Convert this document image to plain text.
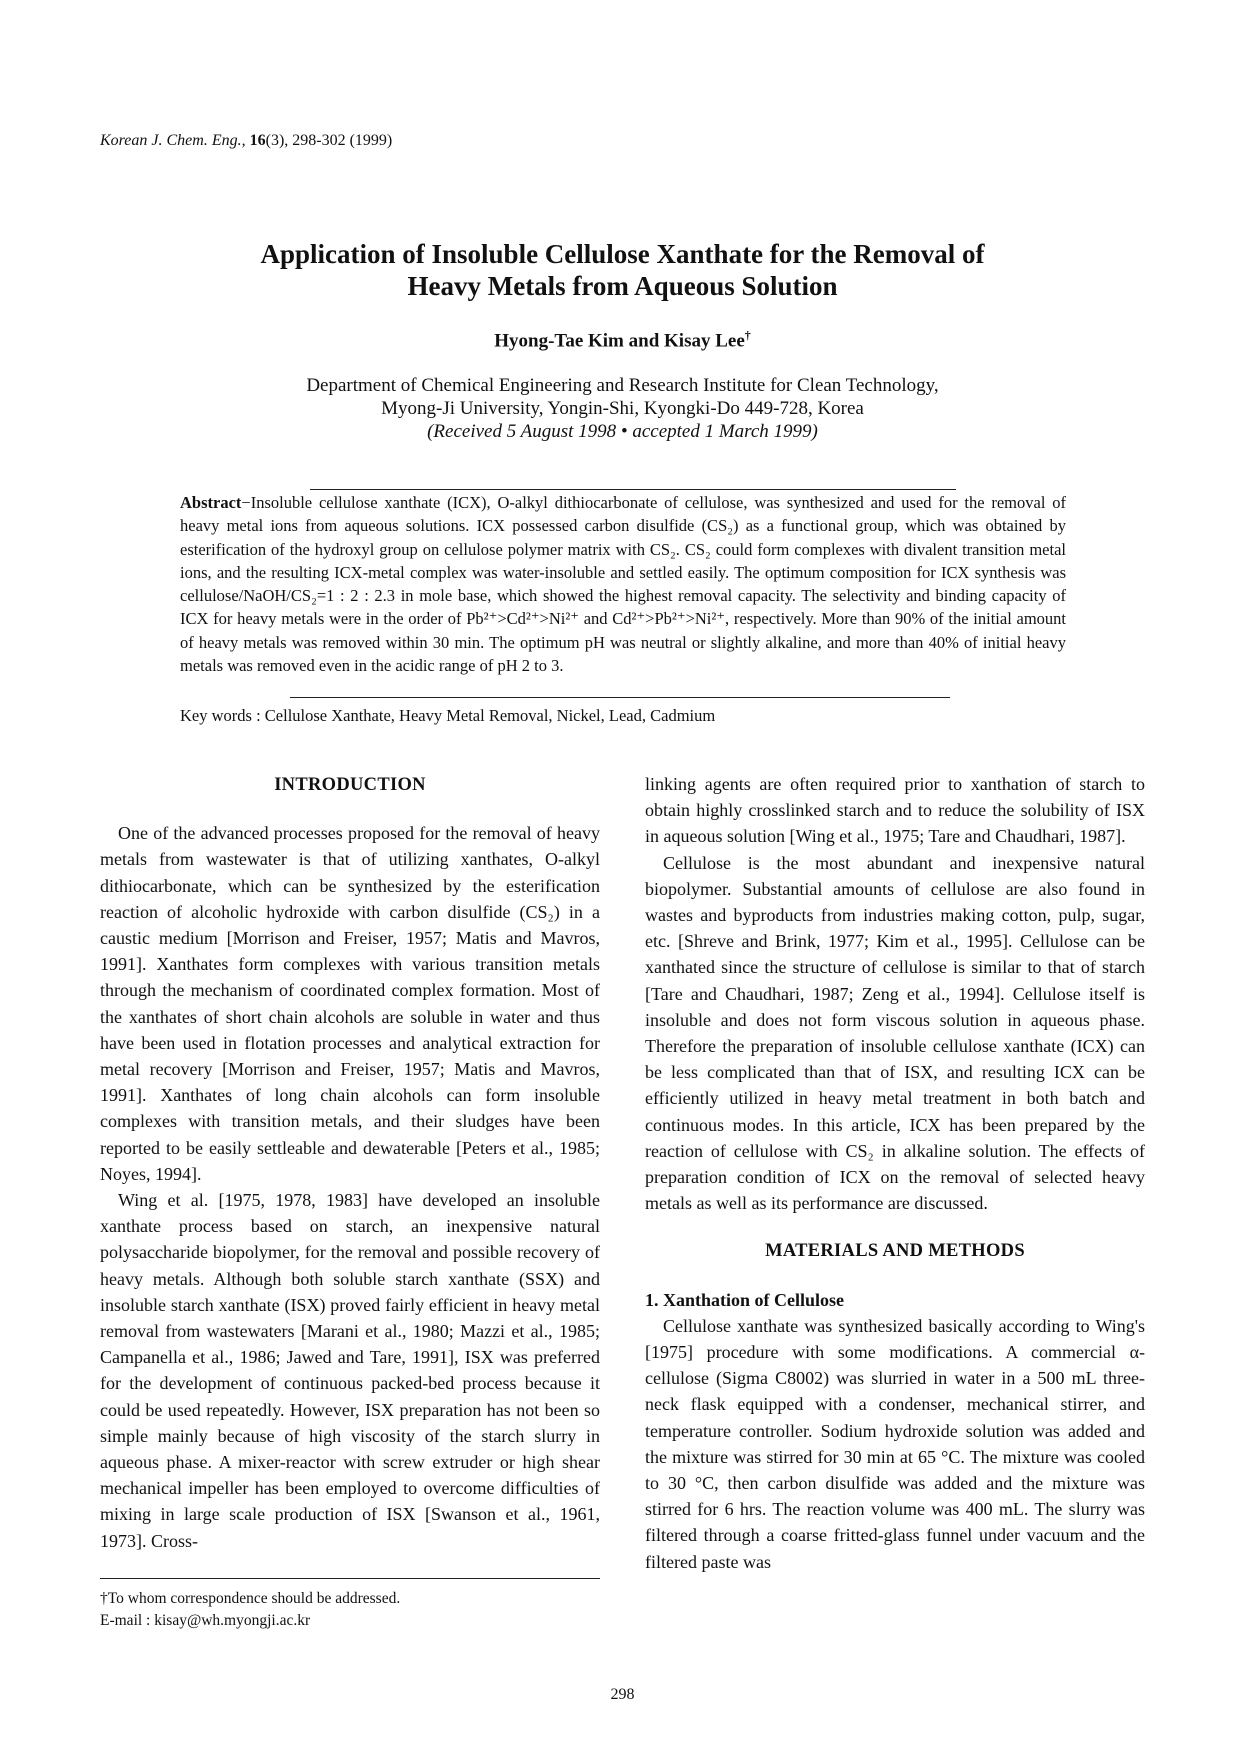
Korean J. Chem. Eng., 16(3), 298-302 (1999)
Application of Insoluble Cellulose Xanthate for the Removal of
Heavy Metals from Aqueous Solution
Hyong-Tae Kim and Kisay Lee†
Department of Chemical Engineering and Research Institute for Clean Technology,
Myong-Ji University, Yongin-Shi, Kyongki-Do 449-728, Korea
(Received 5 August 1998 • accepted 1 March 1999)
Abstract−Insoluble cellulose xanthate (ICX), O-alkyl dithiocarbonate of cellulose, was synthesized and used for the removal of heavy metal ions from aqueous solutions. ICX possessed carbon disulfide (CS₂) as a functional group, which was obtained by esterification of the hydroxyl group on cellulose polymer matrix with CS₂. CS₂ could form complexes with divalent transition metal ions, and the resulting ICX-metal complex was water-insoluble and settled easily. The optimum composition for ICX synthesis was cellulose/NaOH/CS₂=1 : 2 : 2.3 in mole base, which showed the highest removal capacity. The selectivity and binding capacity of ICX for heavy metals were in the order of Pb²⁺>Cd²⁺>Ni²⁺ and Cd²⁺>Pb²⁺>Ni²⁺, respectively. More than 90% of the initial amount of heavy metals was removed within 30 min. The optimum pH was neutral or slightly alkaline, and more than 40% of initial heavy metals was removed even in the acidic range of pH 2 to 3.
Key words : Cellulose Xanthate, Heavy Metal Removal, Nickel, Lead, Cadmium
INTRODUCTION

One of the advanced processes proposed for the removal of heavy metals from wastewater is that of utilizing xanthates, O-alkyl dithiocarbonate, which can be synthesized by the esterification reaction of alcoholic hydroxide with carbon disulfide (CS₂) in a caustic medium [Morrison and Freiser, 1957; Matis and Mavros, 1991]. Xanthates form complexes with various transition metals through the mechanism of coordinated complex formation. Most of the xanthates of short chain alcohols are soluble in water and thus have been used in flotation processes and analytical extraction for metal recovery [Morrison and Freiser, 1957; Matis and Mavros, 1991]. Xanthates of long chain alcohols can form insoluble complexes with transition metals, and their sludges have been reported to be easily settleable and dewaterable [Peters et al., 1985; Noyes, 1994].

Wing et al. [1975, 1978, 1983] have developed an insoluble xanthate process based on starch, an inexpensive natural polysaccharide biopolymer, for the removal and possible recovery of heavy metals. Although both soluble starch xanthate (SSX) and insoluble starch xanthate (ISX) proved fairly efficient in heavy metal removal from wastewaters [Marani et al., 1980; Mazzi et al., 1985; Campanella et al., 1986; Jawed and Tare, 1991], ISX was preferred for the development of continuous packed-bed process because it could be used repeatedly. However, ISX preparation has not been so simple mainly because of high viscosity of the starch slurry in aqueous phase. A mixer-reactor with screw extruder or high shear mechanical impeller has been employed to overcome difficulties of mixing in large scale production of ISX [Swanson et al., 1961, 1973]. Cross-

linking agents are often required prior to xanthation of starch to obtain highly crosslinked starch and to reduce the solubility of ISX in aqueous solution [Wing et al., 1975; Tare and Chaudhari, 1987].

Cellulose is the most abundant and inexpensive natural biopolymer. Substantial amounts of cellulose are also found in wastes and byproducts from industries making cotton, pulp, sugar, etc. [Shreve and Brink, 1977; Kim et al., 1995]. Cellulose can be xanthated since the structure of cellulose is similar to that of starch [Tare and Chaudhari, 1987; Zeng et al., 1994]. Cellulose itself is insoluble and does not form viscous solution in aqueous phase. Therefore the preparation of insoluble cellulose xanthate (ICX) can be less complicated than that of ISX, and resulting ICX can be efficiently utilized in heavy metal treatment in both batch and continuous modes. In this article, ICX has been prepared by the reaction of cellulose with CS₂ in alkaline solution. The effects of preparation condition of ICX on the removal of selected heavy metals as well as its performance are discussed.

MATERIALS AND METHODS
1. Xanthation of Cellulose

Cellulose xanthate was synthesized basically according to Wing's [1975] procedure with some modifications. A commercial α-cellulose (Sigma C8002) was slurried in water in a 500 mL three-neck flask equipped with a condenser, mechanical stirrer, and temperature controller. Sodium hydroxide solution was added and the mixture was stirred for 30 min at 65 °C. The mixture was cooled to 30 °C, then carbon disulfide was added and the mixture was stirred for 6 hrs. The reaction volume was 400 mL. The slurry was filtered through a coarse fritted-glass funnel under vacuum and the filtered paste was

†To whom correspondence should be addressed.
E-mail : kisay@wh.myongji.ac.kr
298
